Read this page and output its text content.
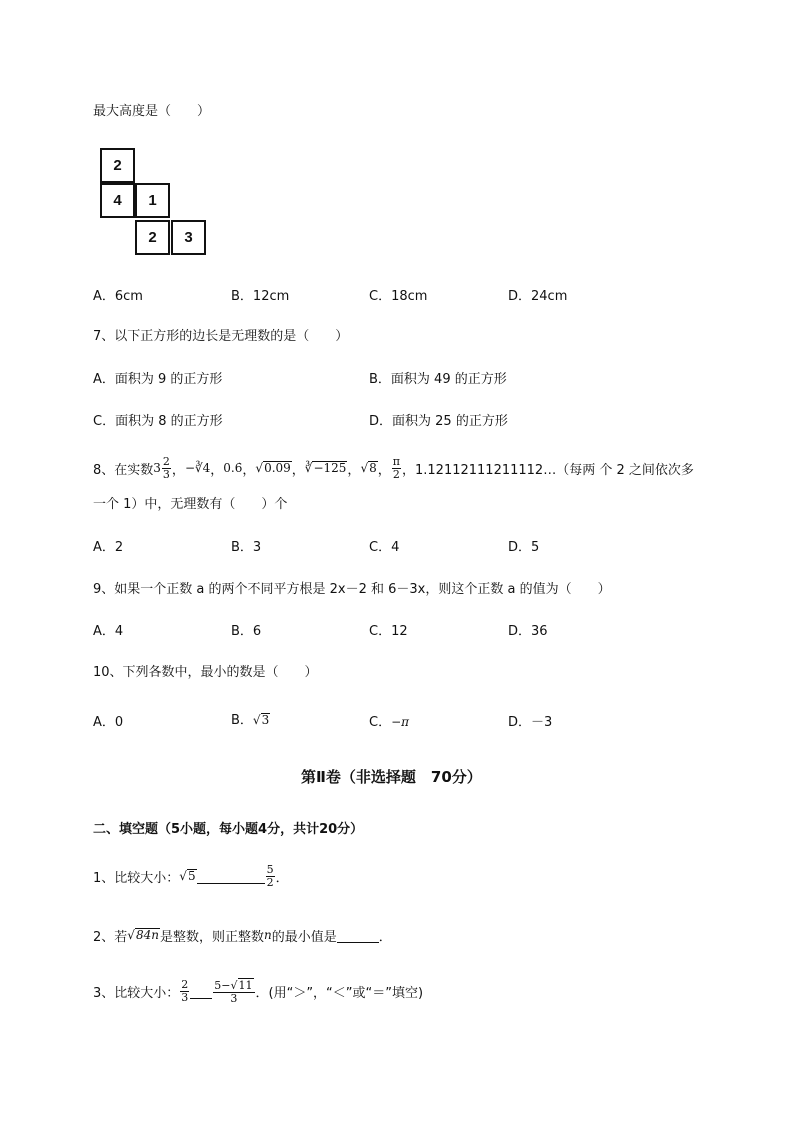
最大高度是（　　）
2
4	1
2	3
A．6cm	B．12cm	C．18cm	D．24cm
7、以下正方形的边长是无理数的是（　　）
A．面积为 9 的正方形	B．面积为 49 的正方形
C．面积为 8 的正方形	D．面积为 25 的正方形
8、在实数 $3 \frac{2}{3}$ ， −∛4 ， 0.6̇ ， √0.09 ， ∛−125 ， √8 ， $\frac{\pi}{2}$ ， 1.12112111211112…（每两 个 2 之间依次多
一个 1）中，无理数有（　　）个
A．2	B．3	C．4	D．5
9、如果一个正数 a 的两个不同平方根是 2x－2 和 6－3x，则这个正数 a 的值为（　　）
A．4	B．6	C．12	D．36
10、下列各数中，最小的数是（　　）
A．0	B．√3	C．−π	D．－3
第Ⅱ卷（非选择题　70分）
二、填空题（5小题，每小题4分，共计20分）
1、比较大小： √5	$\frac{5}{2}$ ．
2、若 √84n 是整数，则正整数 n 的最小值是	．
3、比较大小： $\frac{2}{3} \frac{5-√11}{3}$ ．(用“＞”，“＜”或“＝”填空)
